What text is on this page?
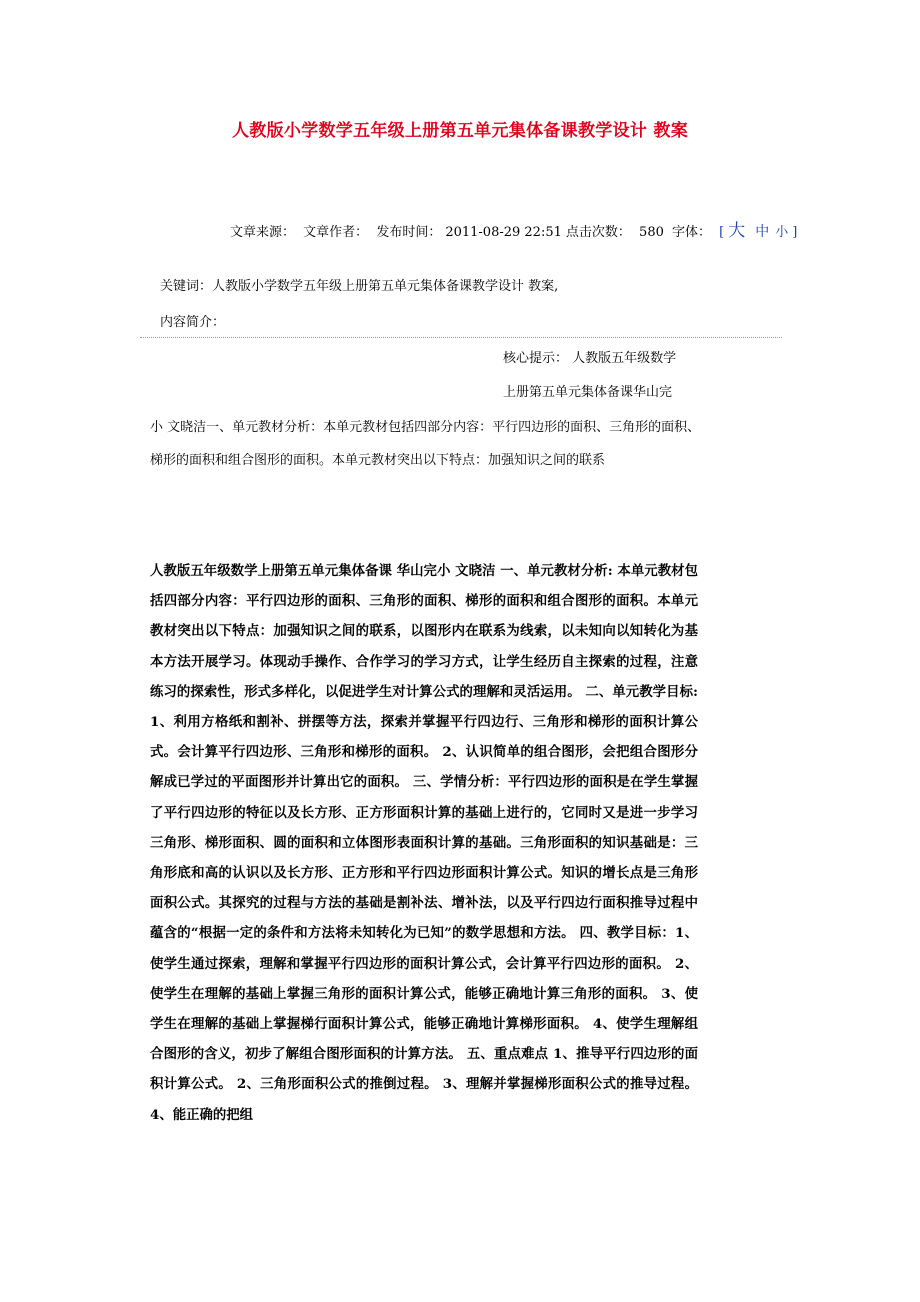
人教版小学数学五年级上册第五单元集体备课教学设计 教案
文章来源： 文章作者： 发布时间： 2011-08-29 22:51 点击次数： 580 字体： [ 大 中 小 ]
关键词：人教版小学数学五年级上册第五单元集体备课教学设计 教案,
内容简介：
核心提示： 人教版五年级数学
上册第五单元集体备课华山完
小 文晓洁一、单元教材分析：本单元教材包括四部分内容：平行四边形的面积、三角形的面积、梯形的面积和组合图形的面积。本单元教材突出以下特点：加强知识之间的联系

人教版五年级数学上册第五单元集体备课 华山完小 文晓洁 一、单元教材分析: 本单元教材包括四部分内容：平行四边形的面积、三角形的面积、梯形的面积和组合图形的面积。本单元教材突出以下特点：加强知识之间的联系，以图形内在联系为线索，以未知向以知转化为基本方法开展学习。体现动手操作、合作学习的学习方式，让学生经历自主探索的过程，注意练习的探索性，形式多样化，以促进学生对计算公式的理解和灵活运用。 二、单元教学目标: 1、利用方格纸和割补、拼摆等方法，探索并掌握平行四边行、三角形和梯形的面积计算公式。会计算平行四边形、三角形和梯形的面积。 2、认识简单的组合图形，会把组合图形分解成已学过的平面图形并计算出它的面积。 三、学情分析：平行四边形的面积是在学生掌握了平行四边形的特征以及长方形、正方形面积计算的基础上进行的，它同时又是进一步学习三角形、梯形面积、圆的面积和立体图形表面积计算的基础。三角形面积的知识基础是：三角形底和高的认识以及长方形、正方形和平行四边形面积计算公式。知识的增长点是三角形面积公式。其探究的过程与方法的基础是割补法、增补法，以及平行四边行面积推导过程中蕴含的“根据一定的条件和方法将未知转化为已知”的数学思想和方法。 四、教学目标：1、使学生通过探索，理解和掌握平行四边形的面积计算公式，会计算平行四边形的面积。 2、使学生在理解的基础上掌握三角形的面积计算公式，能够正确地计算三角形的面积。 3、使学生在理解的基础上掌握梯行面积计算公式，能够正确地计算梯形面积。 4、使学生理解组合图形的含义，初步了解组合图形面积的计算方法。 五、重点难点 1、推导平行四边形的面积计算公式。 2、三角形面积公式的推倒过程。 3、理解并掌握梯形面积公式的推导过程。 4、能正确的把组
